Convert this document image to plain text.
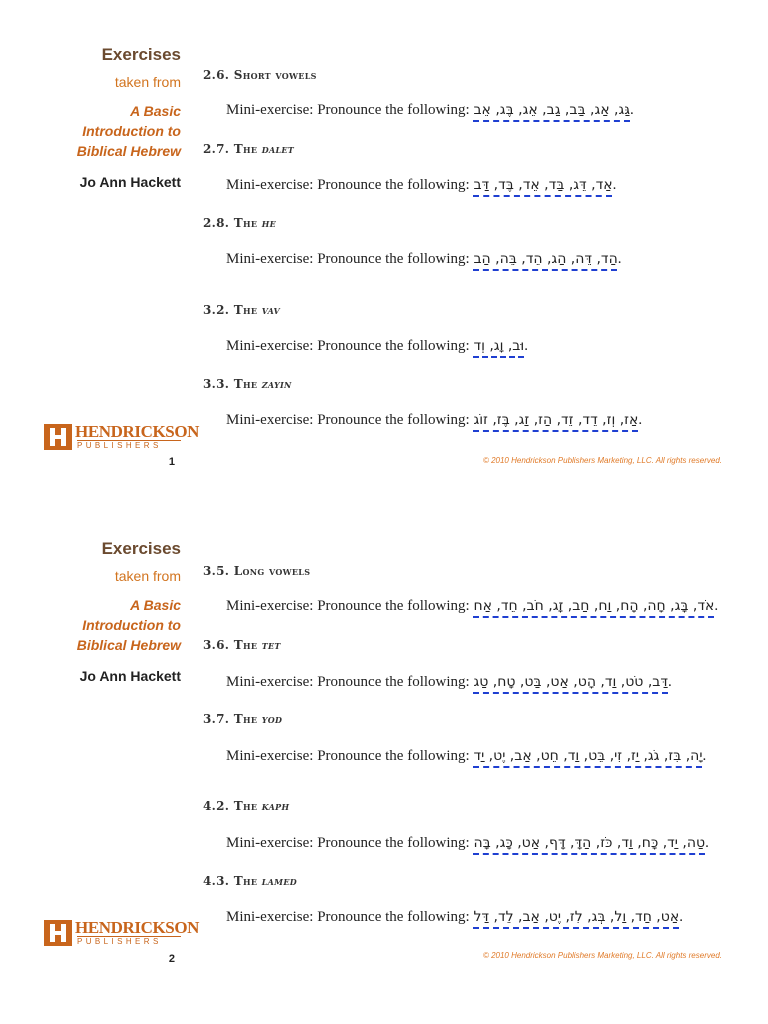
Exercises
taken from
A Basic
Introduction to
Biblical Hebrew
Jo Ann Hackett
HENDRICKSON
PUBLISHERS
1	© 2010 Hendrickson Publishers Marketing, LLC. All rights reserved.
2.6. Short vowels
Mini-exercise: Pronounce the following: גַּג, אַג, בַּב, גַב, אֵג, בֶּג, אֵב.
2.7. The dalet
Mini-exercise: Pronounce the following: אַד, דֵּג, בַּד, אֵד, בֶּד, דַּב.
2.8. The he
Mini-exercise: Pronounce the following: הַד, דֵּה, הַג, הֵד, בֵּה, הַב.
3.2. The vav
Mini-exercise: Pronounce the following: וּב, וָג, וְד.
3.3. The zayin
Mini-exercise: Pronounce the following: אַז, וְז, דֵד, זֵד, הַז, זַג, בֶּז, זוֹג.
Exercises
taken from
A Basic
Introduction to
Biblical Hebrew
Jo Ann Hackett
HENDRICKSON
PUBLISHERS
2	© 2010 Hendrickson Publishers Marketing, LLC. All rights reserved.
3.5. Long vowels
Mini-exercise: Pronounce the following: אֹד, בָּג, חָה, הָח, וַח, חַב, זָג, חֹב, חֵד, אַח.
3.6. The tet
Mini-exercise: Pronounce the following: דַּב, טֹט, וַד, הָט, אַט, בַּט, טָח, טַג.
3.7. The yod
Mini-exercise: Pronounce the following: יָה, בִּז, גֹג, יַז, זִי, בֵּט, וַד, חֵט, אַב, יֶט, יַד.
4.2. The kaph
Mini-exercise: Pronounce the following: טַה, יַד, כָּח, וַד, כֹּז, הַדָּ, דָּף, אַט, כָּג, בָּה.
4.3. The lamed
Mini-exercise: Pronounce the following: אַט, חַד, וַל, בְּג, לִז, יֶט, אַב, לֵד, דַּל.
